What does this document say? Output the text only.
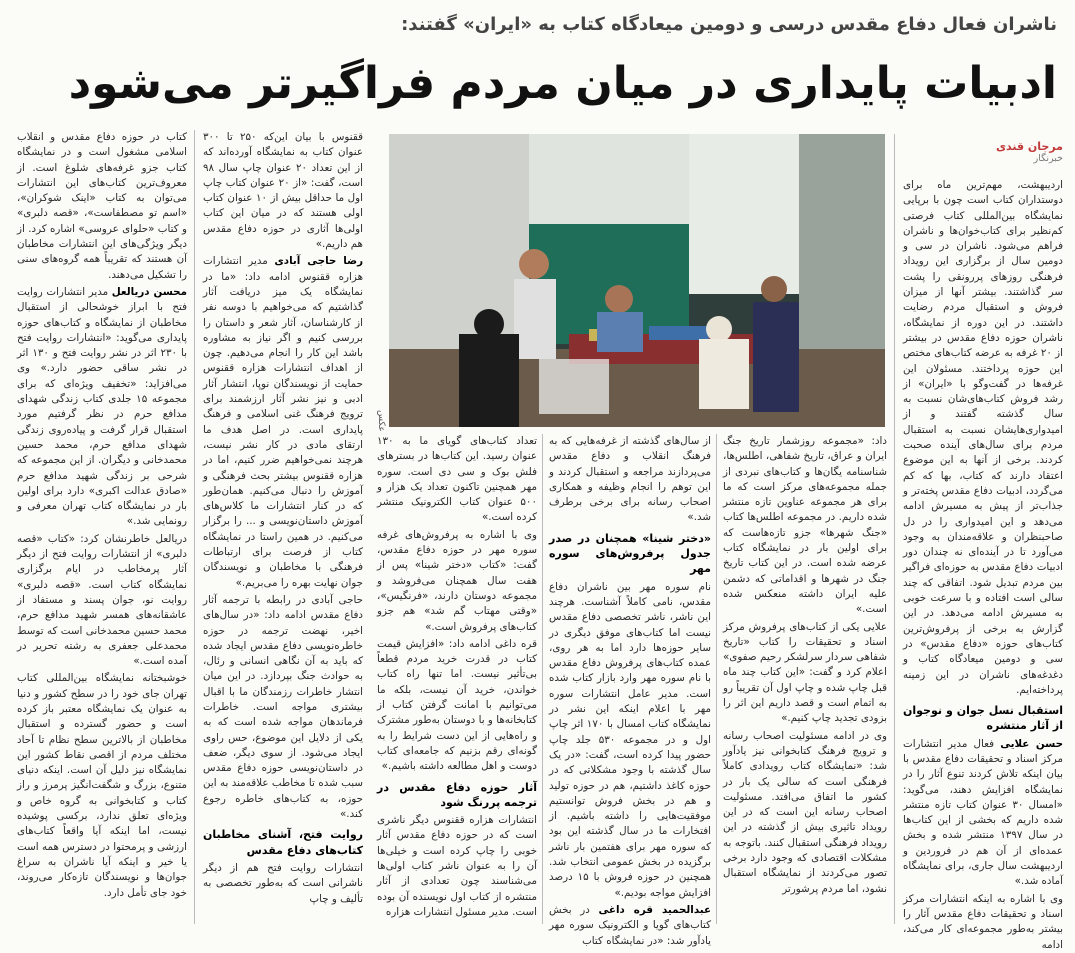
ناشران فعال دفاع مقدس درسی و دومین میعادگاه کتاب به «ایران» گفتند:
ادبیات پایداری در میان مردم فراگیرتر می‌شود
مرجان قندی
خبرنگار
عکس

اردیبهشت، مهم‌ترین ماه برای دوستداران کتاب است چون با برپایی نمایشگاه بین‌المللی کتاب فرصتی کم‌نظیر برای کتاب‌خوان‌ها و ناشران فراهم می‌شود. ناشران در سی و دومین سال از برگزاری این رویداد فرهنگی روزهای پررونقی را پشت سر گذاشتند. بیشتر آنها از میزان فروش و استقبال مردم رضایت داشتند. در این دوره از نمایشگاه، ناشران حوزه دفاع مقدس در بیشتر از ۲۰ غرفه به عرضه کتاب‌های مختص این حوزه پرداختند. مسئولان این غرفه‌ها در گفت‌وگو با «ایران» از رشد فروش کتاب‌های‌شان نسبت به سال گذشته گفتند و از امیدواری‌هایشان نسبت به استقبال مردم برای سال‌های آینده صحبت کردند. برخی از آنها به این موضوع اعتقاد دارند که کتاب، بها که کم می‌گردد، ادبیات دفاع مقدس پخته‌تر و جذاب‌تر از پیش به مسیرش ادامه می‌دهد و این امیدواری را در دل صاحبنظران و علاقه‌مندان به وجود می‌آورد تا در آینده‌ای نه چندان دور ادبیات دفاع مقدس به حوزه‌ای فراگیر بین مردم تبدیل شود. اتفاقی که چند سالی است افتاده و با سرعت خوبی به مسیرش ادامه می‌دهد. در این گزارش به برخی از پرفروش‌ترین کتاب‌های حوزه «دفاع مقدس» در سی و دومین میعادگاه کتاب و دغدغه‌های ناشران در این زمینه پرداخته‌ایم.

استقبال نسل جوان و نوجوان از آثار منتشره

حسن علایی فعال مدیر انتشارات مرکز اسناد و تحقیقات دفاع مقدس با بیان اینکه تلاش کردند تنوع آثار را در نمایشگاه افزایش دهند، می‌گوید: «امسال ۳۰ عنوان کتاب تازه منتشر شده داریم که بخشی از این کتاب‌ها در سال ۱۳۹۷ منتشر شده و بخش عمده‌ای از آن هم در فروردین و اردیبهشت سال جاری، برای نمایشگاه آماده شد.»

وی با اشاره به اینکه انتشارات مرکز اسناد و تحقیقات دفاع مقدس آثار را بیشتر به‌طور مجموعه‌ای کار می‌کند، ادامه

داد: «مجموعه روزشمار تاریخ جنگ ایران و عراق، تاریخ شفاهی، اطلس‌ها، شناسنامه یگان‌ها و کتاب‌های نبردی از جمله مجموعه‌های مرکز است که ما برای هر مجموعه عناوین تازه منتشر شده داریم. در مجموعه اطلس‌ها کتاب «جنگ شهرها» جزو تازه‌هاست که برای اولین بار در نمایشگاه کتاب عرضه شده است. در این کتاب تاریخ جنگ در شهرها و اقداماتی که دشمن علیه ایران داشته منعکس شده است.»

علایی یکی از کتاب‌های پرفروش مرکز اسناد و تحقیقات را کتاب «تاریخ شفاهی سردار سرلشکر رحیم صفوی» اعلام کرد و گفت: «این کتاب چند ماه قبل چاپ شده و چاپ اول آن تقریباً رو به اتمام است و قصد داریم این اثر را بزودی تجدید چاپ کنیم.»

وی در ادامه مسئولیت اصحاب رسانه و ترویج فرهنگ کتابخوانی نیز یادآور شد: «نمایشگاه کتاب رویدادی کاملاً فرهنگی است که سالی یک بار در کشور ما اتفاق می‌افتد. مسئولیت اصحاب رسانه این است که در این رویداد تاثیری بیش از گذشته در این رویداد فرهنگی استقبال کنند. باتوجه به مشکلات اقتصادی که وجود دارد برخی تصور می‌کردند از نمایشگاه استقبال نشود، اما مردم پرشورتر

از سال‌های گذشته از غرفه‌هایی که به فرهنگ انقلاب و دفاع مقدس می‌پردازند مراجعه و استقبال کردند و این توهم را انجام وظیفه و همکاری اصحاب رسانه برای برخی برطرف شد.»

«دختر شینا» همچنان در صدر جدول پرفروش‌های سوره مهر

نام سوره مهر بین ناشران دفاع مقدس، نامی کاملاً آشناست. هرچند این ناشر، ناشر تخصصی دفاع مقدس نیست اما کتاب‌های موفق دیگری در سایر حوزه‌ها دارد اما به هر روی، عمده کتاب‌های پرفروش دفاع مقدس با نام سوره مهر وارد بازار کتاب شده است. مدیر عامل انتشارات سوره مهر با اعلام اینکه این نشر در نمایشگاه کتاب امسال با ۱۷۰ اثر چاپ اول و در مجموعه ۵۳۰ جلد چاپ حضور پیدا کرده است، گفت: «در یک سال گذشته با وجود مشکلاتی که در حوزه کاغذ داشتیم، هم در حوزه تولید و هم در بخش فروش توانستیم موفقیت‌هایی را داشته باشیم. از افتخارات ما در سال گذشته این بود که سوره مهر برای هفتمین بار ناشر برگزیده در بخش عمومی انتخاب شد. همچنین در حوزه فروش با ۱۵ درصد افزایش مواجه بودیم.»

عبدالحمید قره داغی در بخش کتاب‌های گویا و الکترونیک سوره مهر یادآور شد: «در نمایشگاه کتاب

تعداد کتاب‌های گویای ما به ۱۳۰ عنوان رسید. این کتاب‌ها در بسترهای فلش بوک و سی دی است. سوره مهر همچنین تاکنون تعداد یک هزار و ۵۰۰ عنوان کتاب الکترونیک منتشر کرده است.»

وی با اشاره به پرفروش‌های غرفه سوره مهر در حوزه دفاع مقدس، گفت: «کتاب «دختر شینا» پس از هفت سال همچنان می‌فروشد و مجموعه دوستان دارند، «فرنگیس»، «وقتی مهتاب گم شد» هم جزو کتاب‌های پرفروش است.»

قره داغی ادامه داد: «افزایش قیمت کتاب در قدرت خرید مردم قطعاً بی‌تأثیر نیست. اما تنها راه کتاب خواندن، خرید آن نیست، بلکه ما می‌توانیم با امانت گرفتن کتاب از کتابخانه‌ها و با دوستان به‌طور مشترک و راه‌هایی از این دست شرایط را به گونه‌ای رقم بزنیم که جامعه‌ای کتاب دوست و اهل مطالعه داشته باشیم.»

آثار حوزه دفاع مقدس در ترجمه پررنگ شود

انتشارات هزاره ققنوس دیگر ناشری است که در حوزه دفاع مقدس آثار خوبی را چاپ کرده است و خیلی‌ها آن را به عنوان ناشر کتاب اولی‌ها می‌شناسند چون تعدادی از آثار منتشره از کتاب اول نویسنده آن بوده است. مدیر مسئول انتشارات هزاره

ققنوس با بیان این‌که ۲۵۰ تا ۳۰۰ عنوان کتاب به نمایشگاه آورده‌اند که از این تعداد ۲۰ عنوان چاپ سال ۹۸ است، گفت: «از ۲۰ عنوان کتاب چاپ اول ما حداقل بیش از ۱۰ عنوان کتاب اولی هستند که در میان این کتاب اولی‌ها آثاری در حوزه دفاع مقدس هم داریم.»

رضا حاجی آبادی مدیر انتشارات هزاره ققنوس ادامه داد: «ما در نمایشگاه یک میز دریافت آثار گذاشتیم که می‌خواهیم با دوسه نفر از کارشناسان، آثار شعر و داستان را بررسی کنیم و اگر نیاز به مشاوره باشد این کار را انجام می‌دهیم. چون از اهداف انتشارات هزاره ققنوس حمایت از نویسندگان نوپا، انتشار آثار ادبی و نیز نشر آثار ارزشمند برای ترویج فرهنگ غنی اسلامی و فرهنگ پایداری است. در اصل هدف ما ارتقای مادی در کار نشر نیست، هرچند نمی‌خواهیم ضرر کنیم، اما در هزاره ققنوس بیشتر بحث فرهنگی و آموزش را دنبال می‌کنیم. همان‌طور که در کنار انتشارات ما کلاس‌های آموزش داستان‌نویسی و ... را برگزار می‌کنیم. در همین راستا در نمایشگاه کتاب از فرصت برای ارتباطات فرهنگی با مخاطبان و نویسندگان جوان نهایت بهره را می‌بریم.»

حاجی آبادی در رابطه با ترجمه آثار دفاع مقدس ادامه داد: «در سال‌های اخیر، نهضت ترجمه در حوزه خاطره‌نویسی دفاع مقدس ایجاد شده که باید به آن نگاهی انسانی و رئال، به حوادث جنگ بپردازد. در این میان انتشار خاطرات رزمندگان ما با اقبال بیشتری مواجه است. خاطرات فرماندهان مواجه شده است که به یکی از دلایل این موضوع، حس راوی ایجاد می‌شود. از سوی دیگر، ضعف در داستان‌نویسی حوزه دفاع مقدس سبب شده تا مخاطب علاقه‌مند به این حوزه، به کتاب‌های خاطره رجوع کند.»

روایت فتح، آشنای مخاطبان کتاب‌های دفاع مقدس

انتشارات روایت فتح هم از دیگر ناشرانی است که به‌طور تخصصی به تألیف و چاپ

کتاب در حوزه دفاع مقدس و انقلاب اسلامی مشغول است و در نمایشگاه کتاب جزو غرفه‌های شلوغ است. از معروف‌ترین کتاب‌های این انتشارات می‌توان به کتاب «اینک شوکران»، «اسم تو مصطفاست»، «قصه دلبری» و کتاب «حلوای عروسی» اشاره کرد. از دیگر ویژگی‌های این انتشارات مخاطبان آن هستند که تقریباً همه گروه‌های سنی را تشکیل می‌دهند.

محسن دریالعل مدیر انتشارات روایت فتح با ابراز خوشحالی از استقبال مخاطبان از نمایشگاه و کتاب‌های حوزه پایداری می‌گوید: «انتشارات روایت فتح با ۲۳۰ اثر در نشر روایت فتح و ۱۳۰ اثر در نشر ساقی حضور دارد.» وی می‌افزاید: «تخفیف ویژه‌ای که برای مجموعه ۱۵ جلدی کتاب زندگی شهدای مدافع حرم در نظر گرفتیم مورد استقبال قرار گرفت و پیاده‌روی زندگی شهدای مدافع حرم، محمد حسین محمدخانی و دیگران. از این مجموعه که شرحی بر زندگی شهید مدافع حرم «صادق عدالت اکبری» دارد برای اولین بار در نمایشگاه کتاب تهران معرفی و رونمایی شد.»

دریالعل خاطرنشان کرد: «کتاب «قصه دلبری» از انتشارات روایت فتح از دیگر آثار پرمخاطب در ایام برگزاری نمایشگاه کتاب است. «قصه دلبری» روایت نو، جوان پسند و مستفاد از عاشقانه‌های همسر شهید مدافع حرم، محمد حسین محمدخانی است که توسط محمدعلی جعفری به رشته تحریر در آمده است.»

خوشبختانه نمایشگاه بین‌المللی کتاب تهران جای خود را در سطح کشور و دنیا به عنوان یک نمایشگاه معتبر باز کرده است و حضور گسترده و استقبال مخاطبان از بالاترین سطح نظام تا آحاد مختلف مردم از اقصی نقاط کشور این نمایشگاه نیز دلیل آن است. اینکه دنیای متنوع، بزرگ و شگفت‌انگیز پرمرز و راز کتاب و کتابخوانی به گروه خاص و ویژه‌ای تعلق ندارد، برکسی پوشیده نیست، اما اینکه آیا واقعاً کتاب‌های ارزشی و پرمحتوا در دسترس همه است یا خیر و اینکه آیا ناشران به سراغ جوان‌ها و نویسندگان تازه‌کار می‌روند، خود جای تأمل دارد.
